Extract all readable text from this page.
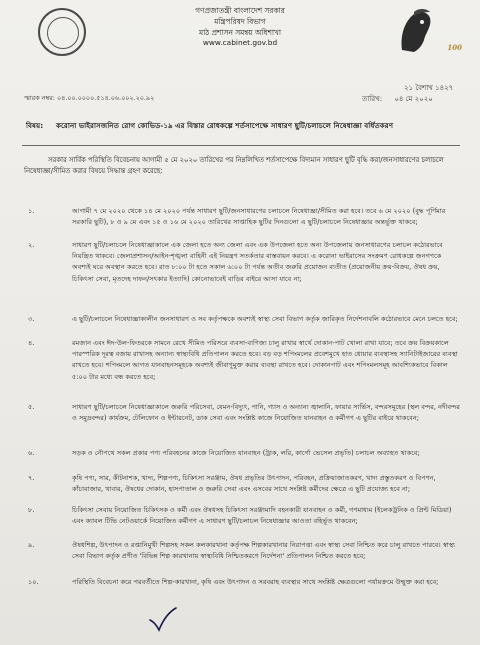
গণপ্রজাতন্ত্রী বাংলাদেশ সরকার
মন্ত্রিপরিষদ বিভাগ
মাঠ প্রশাসন সমন্বয় অধিশাখা
www.cabinet.gov.bd
100
২১ বৈশাখ ১৪২৭
স্মারক নম্বর: ০৪.০০.০০০০.৫১৪.০৬.০০২.২০.৯২	তারিখ: ০৪ মে ২০২০
বিষয়: করোনা ভাইরাসজনিত রোগ কোভিড-১৯ এর বিস্তার রোধকল্পে শর্তসাপেক্ষে সাধারণ ছুটি/চলাচলে নিষেধাজ্ঞা বর্ধিতকরণ
সরকার সার্বিক পরিস্থিতি বিবেচনায় আগামী ৫ মে ২০২০ তারিখের পর নিম্নলিখিত শর্তসাপেক্ষে বিদ্যমান সাধারণ ছুটি বৃদ্ধি করা/জনসাধারণের চলাচলে নিষেধাজ্ঞা/সীমিত করার বিষয়ে সিদ্ধান্ত গ্রহণ করেছে:
১.	আগামী ৭ মে ২০২০ থেকে ১৪ মে ২০২০ পর্যন্ত সাধারণ ছুটি/জনসাধারণের চলাচলে নিষেধাজ্ঞা/সীমিত করা হবে। তবে ৬ মে ২০২০ (বুদ্ধ পূর্ণিমার সরকারি ছুটি), ৮ ও ৯ মে এবং ১৫ ও ১৬ মে ২০২০ তারিখের সাপ্তাহিক ছুটির দিনগুলো এ ছুটি/চলাচলে নিষেধাজ্ঞার অন্তর্ভুক্ত থাকবে;
২.	সাধারণ ছুটি/চলাচলে নিষেধাজ্ঞাকালে এক জেলা হতে অন্য জেলা এবং এক উপজেলা হতে অন্য উপজেলায় জনসাধারণের চলাচল কঠোরভাবে নিয়ন্ত্রিত থাকবে। জেলাপ্রশাসন/আইন-শৃঙ্খলা বাহিনী এই নিয়ন্ত্রণ সতর্কতার বাস্তবায়ন করবে। এ করোনা ভাইরাসের সংক্রমণ রোধকল্পে জনগণকে অবশ্যই ঘরে অবস্থান করতে হবে। রাত ৮:০০ টা হতে সকাল ৬:০০ টা পর্যন্ত অতীব জরুরি প্রয়োজন ব্যতীত (প্রয়োজনীয় ক্রয়-বিক্রয়, ঔষধ ক্রয়, চিকিৎসা সেবা, মৃতদেহ দাফন/সৎকার ইত্যাদি) কোনোভাবেই বাড়ির বাইরে আসা যাবে না;
৩.	এ ছুটি/চলাচলে নিষেধাজ্ঞাকালীন জনসাধারণ ও সব কর্তৃপক্ষকে অবশ্যই স্বাস্থ্য সেবা বিভাগ কর্তৃক জারিকৃত নির্দেশনাবলি কঠোরভাবে মেনে চলতে হবে;
৪.	রমজান এবং ঈদ-উল-ফিতরকে সামনে রেখে সীমিত পরিসরে ব্যবসা-বাণিজ্য চালু রাখার স্বার্থে দোকান-পাট খোলা রাখা যাবে; তবে ক্রয় বিক্রয়কালে পারস্পরিক দূরত্ব বজায় রাখাসহ অন্যান্য স্বাস্থ্যবিধি প্রতিপালন করতে হবে। বড় বড় শপিংমলের প্রবেশমুখে হাত ধোয়ার ব্যবস্থাসহ স্যানিটাইজারের ব্যবস্থা রাখতে হবে। শপিংমলে আগত যানবাহনসমূহকে অবশ্যই জীবাণুমুক্ত করার ব্যবস্থা রাখতে হবে। দোকানপাট এবং শপিংমলসমূহ আবশ্যিকভাবে বিকাল ৫:০০ টার মধ্যে বন্ধ করতে হবে;
৫.	সাধারণ ছুটি/চলাচলে নিষেধাজ্ঞাকালে জরুরি পরিসেবা, যেমন-বিদ্যুৎ, পানি, গ্যাস ও অন্যান্য জ্বালানি, ফায়ার সার্ভিস, বন্দরসমূহের (স্থল বন্দর, নদীবন্দর ও সমুদ্রবন্দর) কার্যক্রম, টেলিফোন ও ইন্টারনেট, ডাক সেবা এবং সংশ্লিষ্ট কাজে নিয়োজিত যানবাহন ও কর্মীগণ এ ছুটির বাইরে থাকবেন;
৬.	সড়ক ও নৌপথে সকল প্রকার পণ্য পরিবহনের কাজে নিয়োজিত যানবাহন (ট্রাক, লরি, কার্গো ভেসেল প্রভৃতি) চলাচল অব্যাহত থাকবে;
৭.	কৃষি পণ্য, সার, কীটনাশক, খাদ্য, শিল্পপণ্য, চিকিৎসা সরঞ্জাম, ঔষধ প্রভৃতির উৎপাদন, পরিবহন, প্রক্রিয়াজাতকরণ, খাদ্য প্রস্তুতকরণ ও বিপণন, কাঁচাবাজার, খাবার, ঔষধের দোকান, হাসপাতাল ও জরুরি সেবা এবং এসবের সাথে সংশ্লিষ্ট কর্মীদের ক্ষেত্রে এ ছুটি প্রযোজ্য হবে না;
৮.	চিকিৎসা সেবায় নিয়োজিত চিকিৎসক ও কর্মী এবং ঔষধসহ চিকিৎসা সরঞ্জামাদি বহনকারী যানবাহন ও কর্মী, গণমাধ্যম (ইলেকট্রনিক ও প্রিন্ট মিডিয়া) এবং ক্যাবল টিভি নেটওয়ার্কে নিয়োজিত কর্মীগণ এ সাধারণ ছুটি/চলাচল নিষেধাজ্ঞার আওতা বহির্ভূত থাকবেন;
৯.	ঔষধশিল্প, উৎপাদন ও রপ্তানিমুখী শিল্পসহ সকল কলকারখানা কর্তৃপক্ষ শিল্পকারখানার নিরাপত্তা এবং স্বাস্থ্য সেবা নিশ্চিত করে চালু রাখতে পারবে। স্বাস্থ্য সেবা বিভাগ কর্তৃক প্রণীত 'বিভিন্ন শিল্প কারখানায় স্বাস্থ্যবিধি নিশ্চিতকরণে নির্দেশনা' প্রতিপালন নিশ্চিত করতে হবে;
১০.	পরিস্থিতি বিবেচনা করে পরবর্তীতে শিল্প-কারখানা, কৃষি এবং উৎপাদন ও সরবরাহ ব্যবস্থার সাথে সংশ্লিষ্ট ক্ষেত্রগুলো পর্যায়ক্রমে উন্মুক্ত করা হবে;
